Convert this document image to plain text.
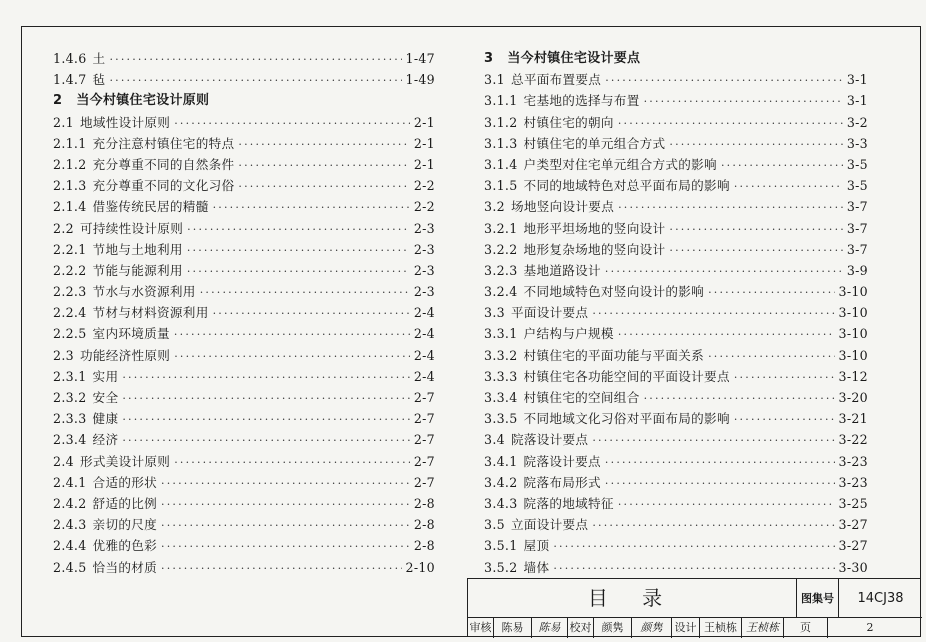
1.4.6 土 ·····	1-47
1.4.7 毡 ·····	1-49
2 当今村镇住宅设计原则
2.1 地域性设计原则 ·····	2-1
2.1.1 充分注意村镇住宅的特点 ·····	2-1
2.1.2 充分尊重不同的自然条件 ·····	2-1
2.1.3 充分尊重不同的文化习俗 ·····	2-2
2.1.4 借鉴传统民居的精髓 ·····	2-2
2.2 可持续性设计原则 ·····	2-3
2.2.1 节地与土地利用 ·····	2-3
2.2.2 节能与能源利用 ·····	2-3
2.2.3 节水与水资源利用 ·····	2-3
2.2.4 节材与材料资源利用 ·····	2-4
2.2.5 室内环境质量 ·····	2-4
2.3 功能经济性原则 ·····	2-4
2.3.1 实用 ·····	2-4
2.3.2 安全 ·····	2-7
2.3.3 健康 ·····	2-7
2.3.4 经济 ·····	2-7
2.4 形式美设计原则 ·····	2-7
2.4.1 合适的形状 ·····	2-7
2.4.2 舒适的比例 ·····	2-8
2.4.3 亲切的尺度 ·····	2-8
2.4.4 优雅的色彩 ·····	2-8
2.4.5 恰当的材质 ·····	2-10
3 当今村镇住宅设计要点
3.1 总平面布置要点 ·····	3-1
3.1.1 宅基地的选择与布置 ·····	3-1
3.1.2 村镇住宅的朝向 ·····	3-2
3.1.3 村镇住宅的单元组合方式 ·····	3-3
3.1.4 户类型对住宅单元组合方式的影响 ·····	3-5
3.1.5 不同的地域特色对总平面布局的影响 ·····	3-5
3.2 场地竖向设计要点 ·····	3-7
3.2.1 地形平坦场地的竖向设计 ·····	3-7
3.2.2 地形复杂场地的竖向设计 ·····	3-7
3.2.3 基地道路设计 ·····	3-9
3.2.4 不同地域特色对竖向设计的影响 ·····	3-10
3.3 平面设计要点 ·····	3-10
3.3.1 户结构与户规模 ·····	3-10
3.3.2 村镇住宅的平面功能与平面关系 ·····	3-10
3.3.3 村镇住宅各功能空间的平面设计要点 ·····	3-12
3.3.4 村镇住宅的空间组合 ·····	3-20
3.3.5 不同地域文化习俗对平面布局的影响 ·····	3-21
3.4 院落设计要点 ·····	3-22
3.4.1 院落设计要点 ·····	3-23
3.4.2 院落布局形式 ·····	3-23
3.4.3 院落的地域特征 ·····	3-25
3.5 立面设计要点 ·····	3-27
3.5.1 屋顶 ·····	3-27
3.5.2 墙体 ·····	3-30
目 录	图集号	14CJ38
审核 陈易	陈易 校对 颜隽	颜隽	设计 王桢栋 王桢栋	页	2
